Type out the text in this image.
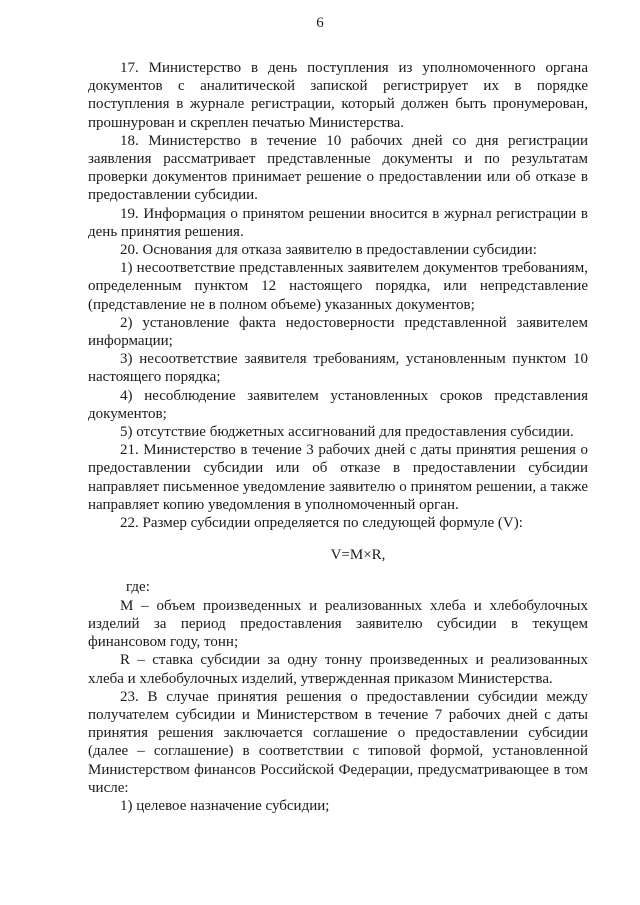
6

17. Министерство в день поступления из уполномоченного органа документов с аналитической запиской регистрирует их в порядке поступления в журнале регистрации, который должен быть пронумерован, прошнурован и скреплен печатью Министерства.

18. Министерство в течение 10 рабочих дней со дня регистрации заявления рассматривает представленные документы и по результатам проверки документов принимает решение о предоставлении или об отказе в предоставлении субсидии.

19. Информация о принятом решении вносится в журнал регистрации в день принятия решения.

20. Основания для отказа заявителю в предоставлении субсидии:

1) несоответствие представленных заявителем документов требованиям, определенным пунктом 12 настоящего порядка, или непредставление (представление не в полном объеме) указанных документов;

2) установление факта недостоверности представленной заявителем информации;

3) несоответствие заявителя требованиям, установленным пунктом 10 настоящего порядка;

4) несоблюдение заявителем установленных сроков представления документов;

5) отсутствие бюджетных ассигнований для предоставления субсидии.

21. Министерство в течение 3 рабочих дней с даты принятия решения о предоставлении субсидии или об отказе в предоставлении субсидии направляет письменное уведомление заявителю о принятом решении, а также направляет копию уведомления в уполномоченный орган.

22. Размер субсидии определяется по следующей формуле (V):

V=M×R,

где:

М – объем произведенных и реализованных хлеба и хлебобулочных изделий за период предоставления заявителю субсидии в текущем финансовом году, тонн;

R – ставка субсидии за одну тонну произведенных и реализованных хлеба и хлебобулочных изделий, утвержденная приказом Министерства.

23. В случае принятия решения о предоставлении субсидии между получателем субсидии и Министерством в течение 7 рабочих дней с даты принятия решения заключается соглашение о предоставлении субсидии (далее – соглашение) в соответствии с типовой формой, установленной Министерством финансов Российской Федерации, предусматривающее в том числе:

1) целевое назначение субсидии;
